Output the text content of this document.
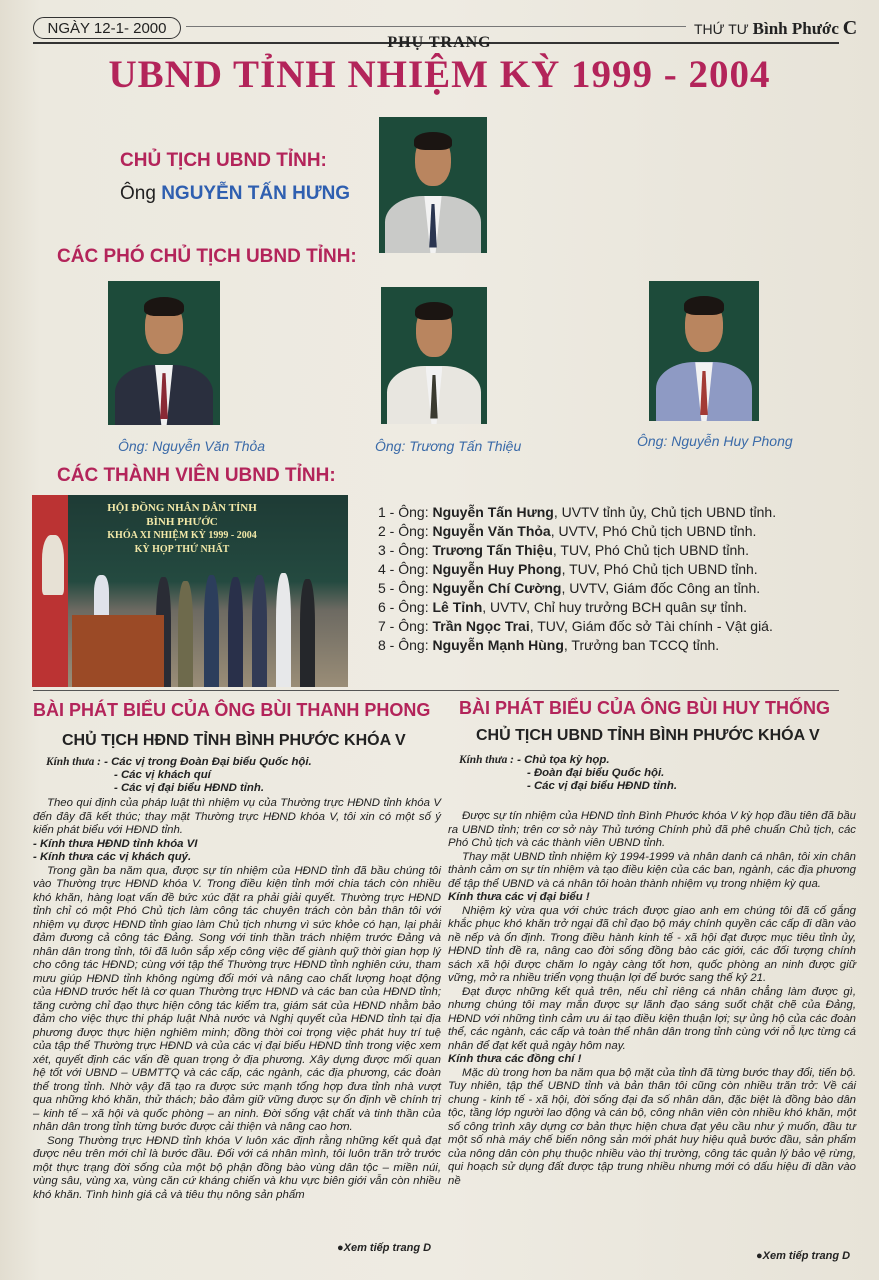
NGÀY 12-1- 2000	THỨ TƯ Bình Phước C
PHỤ TRANG
UBND TỈNH NHIỆM KỲ 1999 - 2004
CHỦ TỊCH UBND TỈNH:
Ông NGUYỄN TẤN HƯNG
CÁC PHÓ CHỦ TỊCH UBND TỈNH:
Ông: Nguyễn Văn Thỏa	Ông: Trương Tấn Thiệu	Ông: Nguyễn Huy Phong
CÁC THÀNH VIÊN UBND TỈNH:
HỘI ĐỒNG NHÂN DÂN TỈNH BÌNH PHƯỚC
KHÓA XI NHIỆM KỲ 1999 - 2004
KỲ HỌP THỨ NHẤT
1 - Ông: Nguyễn Tấn Hưng, UVTV tỉnh ủy, Chủ tịch UBND tỉnh.
2 - Ông: Nguyễn Văn Thỏa, UVTV, Phó Chủ tịch UBND tỉnh.
3 - Ông: Trương Tấn Thiệu, TUV, Phó Chủ tịch UBND tỉnh.
4 - Ông: Nguyễn Huy Phong, TUV, Phó Chủ tịch UBND tỉnh.
5 - Ông: Nguyễn Chí Cường, UVTV, Giám đốc Công an tỉnh.
6 - Ông: Lê Tỉnh, UVTV, Chỉ huy trưởng BCH quân sự tỉnh.
7 - Ông: Trần Ngọc Trai, TUV, Giám đốc sở Tài chính - Vật giá.
8 - Ông: Nguyễn Mạnh Hùng, Trưởng ban TCCQ tỉnh.
BÀI PHÁT BIỂU CỦA ÔNG BÙI THANH PHONG
CHỦ TỊCH HĐND TỈNH BÌNH PHƯỚC KHÓA V
Kính thưa : - Các vị trong Đoàn Đại biểu Quốc hội.
- Các vị khách quí
- Các vị đại biểu HĐND tỉnh.

Theo qui định của pháp luật thì nhiệm vụ của Thường trực HĐND tỉnh khóa V đến đây đã kết thúc; thay mặt Thường trực HĐND khóa V, tôi xin có một số ý kiến phát biểu với HĐND tỉnh.

- Kính thưa HĐND tỉnh khóa VI

- Kính thưa các vị khách quý.

Trong gần ba năm qua, được sự tín nhiệm của HĐND tỉnh đã bầu chúng tôi vào Thường trực HĐND khóa V. Trong điều kiện tỉnh mới chia tách còn nhiều khó khăn, hàng loạt vấn đề bức xúc đặt ra phải giải quyết. Thường trực HĐND tỉnh chỉ có một Phó Chủ tịch làm công tác chuyên trách còn bản thân tôi với nhiệm vụ được HĐND tỉnh giao làm Chủ tịch nhưng vì sức khỏe có hạn, lại phải đảm đương cả công tác Đảng. Song với tinh thần trách nhiệm trước Đảng và nhân dân trong tỉnh, tôi đã luôn sắp xếp công việc để giành quỹ thời gian hợp lý cho công tác HĐND; cùng với tập thể Thường trực HĐND tỉnh nghiên cứu, tham mưu giúp HĐND tỉnh không ngừng đổi mới và nâng cao chất lượng hoạt động của HĐND trước hết là cơ quan Thường trực HĐND và các ban của HĐND tỉnh; tăng cường chỉ đạo thực hiện công tác kiểm tra, giám sát của HĐND nhằm bảo đảm cho việc thực thi pháp luật Nhà nước và Nghị quyết của HĐND tỉnh tại địa phương được thực hiện nghiêm minh; đồng thời coi trọng việc phát huy trí tuệ của tập thể Thường trực HĐND và của các vị đại biểu HĐND tỉnh trong việc xem xét, quyết định các vấn đề quan trọng ở địa phương. Xây dựng được mối quan hệ tốt với UBND – UBMTTQ và các cấp, các ngành, các địa phương, các đoàn thể trong tỉnh. Nhờ vậy đã tạo ra được sức mạnh tổng hợp đưa tỉnh nhà vượt qua những khó khăn, thử thách; bảo đảm giữ vững được sự ổn định về chính trị – kinh tế – xã hội và quốc phòng – an ninh. Đời sống vật chất và tinh thần của nhân dân trong tỉnh từng bước được cải thiện và nâng cao hơn.

Song Thường trực HĐND tỉnh khóa V luôn xác định rằng những kết quả đạt được nêu trên mới chỉ là bước đầu. Đối với cá nhân mình, tôi luôn trăn trở trước một thực trạng đời sống của một bộ phận đồng bào vùng dân tộc – miền núi, vùng sâu, vùng xa, vùng căn cứ kháng chiến và khu vực biên giới vẫn còn nhiều khó khăn. Tình hình giá cả và tiêu thụ nông sản phẩm

●Xem tiếp trang D
BÀI PHÁT BIỂU CỦA ÔNG BÙI HUY THỐNG
CHỦ TỊCH UBND TỈNH BÌNH PHƯỚC KHÓA V
Kính thưa : - Chủ tọa kỳ họp.
- Đoàn đại biểu Quốc hội.
- Các vị đại biểu HĐND tỉnh.

Được sự tín nhiệm của HĐND tỉnh Bình Phước khóa V kỳ họp đầu tiên đã bầu ra UBND tỉnh; trên cơ sở này Thủ tướng Chính phủ đã phê chuẩn Chủ tịch, các Phó Chủ tịch và các thành viên UBND tỉnh.

Thay mặt UBND tỉnh nhiệm kỳ 1994-1999 và nhân danh cá nhân, tôi xin chân thành cảm ơn sự tín nhiệm và tạo điều kiện của các ban, ngành, các địa phương để tập thể UBND và cá nhân tôi hoàn thành nhiệm vụ trong nhiệm kỳ qua.

Kính thưa các vị đại biểu !

Nhiệm kỳ vừa qua với chức trách được giao anh em chúng tôi đã cố gắng khắc phục khó khăn trở ngại đã chỉ đạo bộ máy chính quyền các cấp đi dần vào nề nếp và ổn định. Trong điều hành kinh tế - xã hội đạt được mục tiêu tỉnh ủy, HĐND tỉnh đề ra, nâng cao đời sống đồng bào các giới, các đối tượng chính sách xã hội được chăm lo ngày càng tốt hơn, quốc phòng an ninh được giữ vững, mở ra nhiều triển vọng thuận lợi để bước sang thế kỷ 21.

Đạt được những kết quả trên, nếu chỉ riêng cá nhân chẳng làm được gì, nhưng chúng tôi may mắn được sự lãnh đạo sáng suốt chặt chẽ của Đảng, HĐND với những tình cảm ưu ái tạo điều kiện thuận lợi; sự ủng hộ của các đoàn thể, các ngành, các cấp và toàn thể nhân dân trong tỉnh cùng với nỗ lực từng cá nhân để đạt kết quả ngày hôm nay.

Kính thưa các đồng chí !

Mặc dù trong hơn ba năm qua bộ mặt của tỉnh đã từng bước thay đổi, tiến bộ. Tuy nhiên, tập thể UBND tỉnh và bản thân tôi cũng còn nhiều trăn trở: Về cái chung - kinh tế - xã hội, đời sống đại đa số nhân dân, đặc biệt là đồng bào dân tộc, tầng lớp người lao động và cán bộ, công nhân viên còn nhiều khó khăn, một số công trình xây dựng cơ bản thực hiện chưa đạt yêu cầu như ý muốn, đầu tư một số nhà máy chế biến nông sản mới phát huy hiệu quả bước đầu, sản phẩm của nông dân còn phụ thuộc nhiều vào thị trường, công tác quản lý bảo vệ rừng, qui hoạch sử dụng đất được tập trung nhiều nhưng mới có dấu hiệu đi dần vào nề

●Xem tiếp trang D
